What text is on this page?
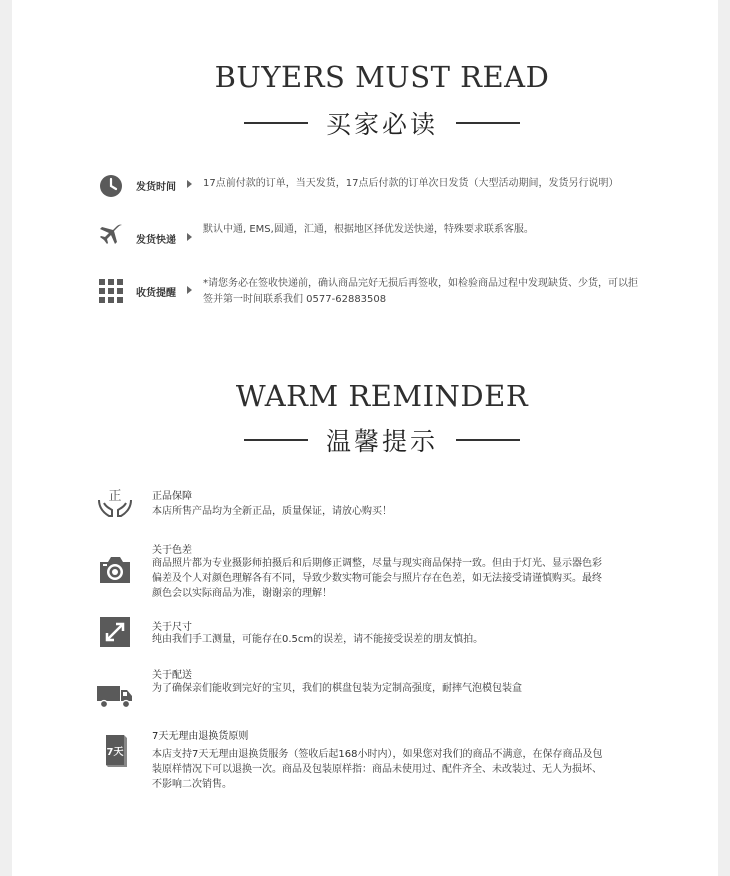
BUYERS MUST READ
买家必读
发货时间	17点前付款的订单，当天发货，17点后付款的订单次日发货（大型活动期间，发货另行说明）
发货快递
默认中通, EMS,圆通，汇通，根据地区择优发送快递，特殊要求联系客服。
收货提醒
*请您务必在签收快递前，确认商品完好无损后再签收，如检验商品过程中发现缺货、少货，可以拒签并第一时间联系我们 0577-62883508
WARM REMINDER
温馨提示
正	正品保障
本店所售产品均为全新正品，质量保证，请放心购买！
关于色差
商品照片都为专业摄影师拍摄后和后期修正调整，尽量与现实商品保持一致。但由于灯光、显示器色彩偏差及个人对颜色理解各有不同，导致少数实物可能会与照片存在色差，如无法接受请谨慎购买。最终颜色会以实际商品为准，谢谢亲的理解！
关于尺寸
纯由我们手工测量，可能存在0.5cm的误差，请不能接受误差的朋友慎拍。
关于配送
为了确保亲们能收到完好的宝贝，我们的棋盘包装为定制高强度，耐摔气泡模包装盒
7天
7天无理由退换货原则
本店支持7天无理由退换货服务（签收后起168小时内），如果您对我们的商品不满意，在保存商品及包装原样情况下可以退换一次。商品及包装原样指：商品未使用过、配件齐全、未改装过、无人为损坏、不影响二次销售。
